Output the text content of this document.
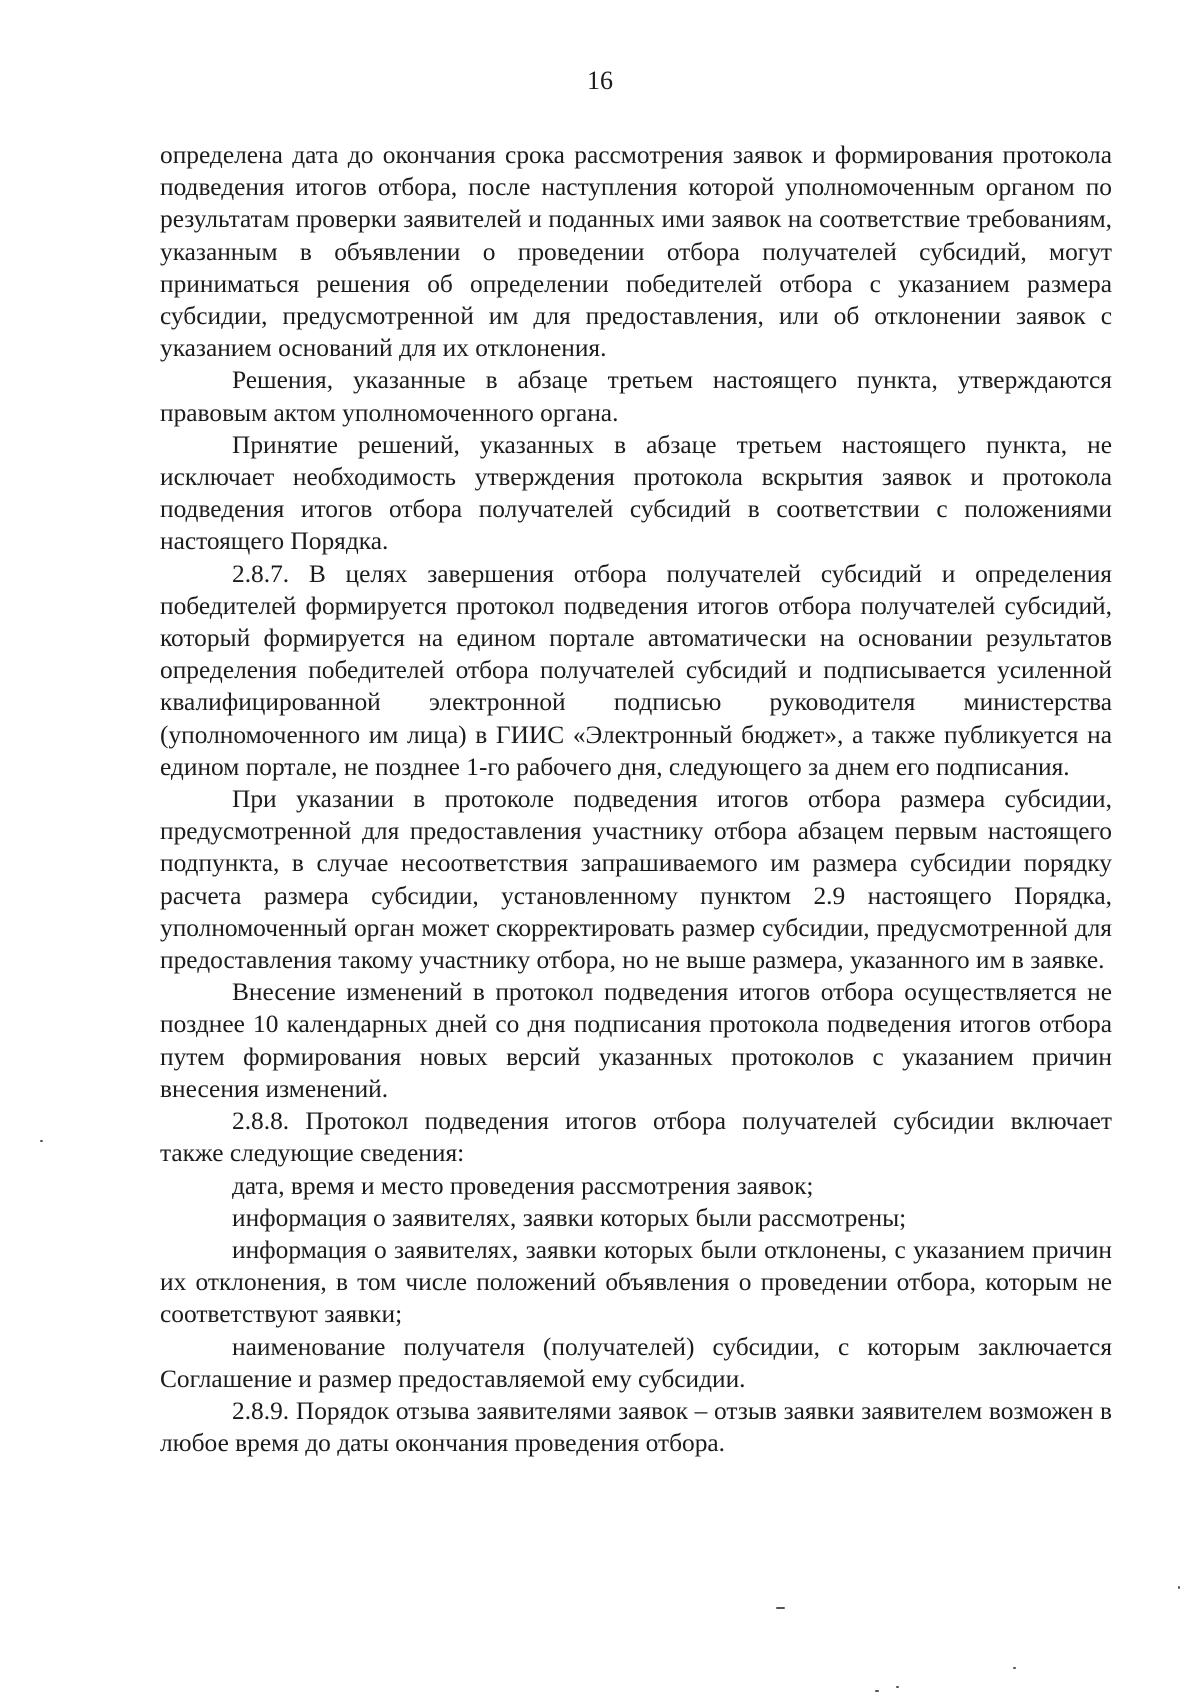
16

определена дата до окончания срока рассмотрения заявок и формирования протокола подведения итогов отбора, после наступления которой уполномоченным органом по результатам проверки заявителей и поданных ими заявок на соответствие требованиям, указанным в объявлении о проведении отбора получателей субсидий, могут приниматься решения об определении победителей отбора с указанием размера субсидии, предусмотренной им для предоставления, или об отклонении заявок с указанием оснований для их отклонения.

Решения, указанные в абзаце третьем настоящего пункта, утверждаются правовым актом уполномоченного органа.

Принятие решений, указанных в абзаце третьем настоящего пункта, не исключает необходимость утверждения протокола вскрытия заявок и протокола подведения итогов отбора получателей субсидий в соответствии с положениями настоящего Порядка.

2.8.7. В целях завершения отбора получателей субсидий и определения победителей формируется протокол подведения итогов отбора получателей субсидий, который формируется на едином портале автоматически на основании результатов определения победителей отбора получателей субсидий и подписывается усиленной квалифицированной электронной подписью руководителя министерства (уполномоченного им лица) в ГИИС «Электронный бюджет», а также публикуется на едином портале, не позднее 1-го рабочего дня, следующего за днем его подписания.

При указании в протоколе подведения итогов отбора размера субсидии, предусмотренной для предоставления участнику отбора абзацем первым настоящего подпункта, в случае несоответствия запрашиваемого им размера субсидии порядку расчета размера субсидии, установленному пунктом 2.9 настоящего Порядка, уполномоченный орган может скорректировать размер субсидии, предусмотренной для предоставления такому участнику отбора, но не выше размера, указанного им в заявке.

Внесение изменений в протокол подведения итогов отбора осуществляется не позднее 10 календарных дней со дня подписания протокола подведения итогов отбора путем формирования новых версий указанных протоколов с указанием причин внесения изменений.

2.8.8. Протокол подведения итогов отбора получателей субсидии включает также следующие сведения:

дата, время и место проведения рассмотрения заявок;

информация о заявителях, заявки которых были рассмотрены;

информация о заявителях, заявки которых были отклонены, с указанием причин их отклонения, в том числе положений объявления о проведении отбора, которым не соответствуют заявки;

наименование получателя (получателей) субсидии, с которым заключается Соглашение и размер предоставляемой ему субсидии.

2.8.9. Порядок отзыва заявителями заявок – отзыв заявки заявителем возможен в любое время до даты окончания проведения отбора.
